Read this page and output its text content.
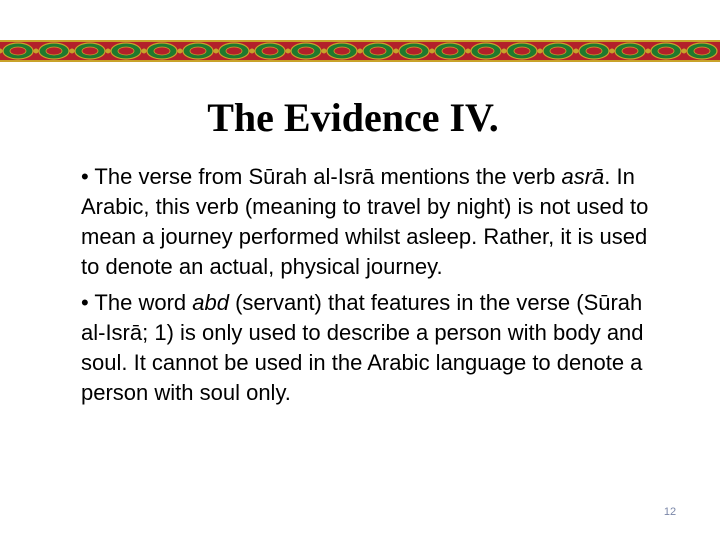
The Evidence IV.

• The verse from Sūrah al-Isrā mentions the verb asrā. In Arabic, this verb (meaning to travel by night) is not used to mean a journey performed whilst asleep. Rather, it is used to denote an actual, physical journey.

• The word abd (servant) that features in the verse (Sūrah al-Isrā; 1) is only used to describe a person with body and soul. It cannot be used in the Arabic language to denote a person with soul only.

12
